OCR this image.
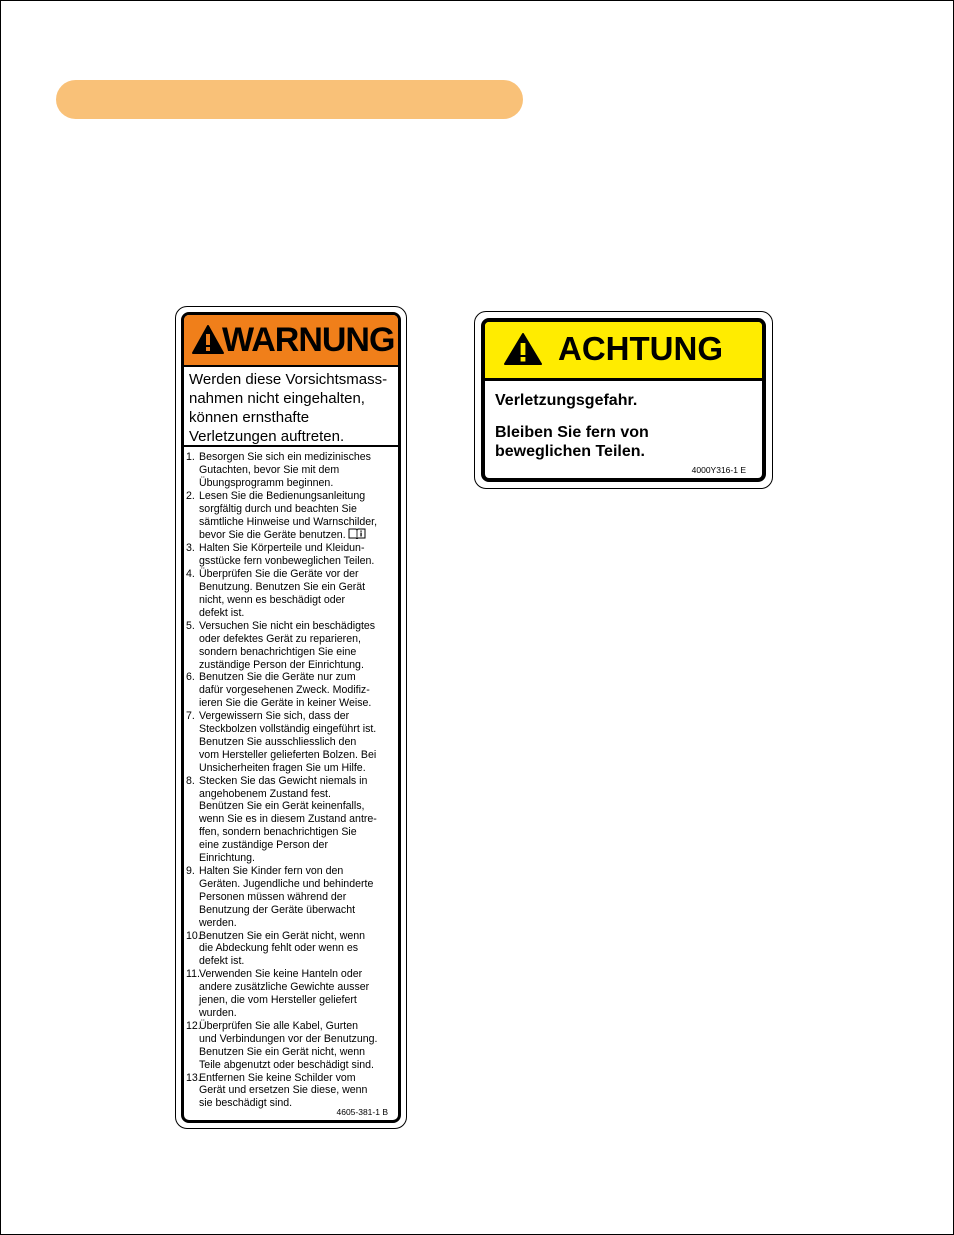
WARNUNG
Werden diese Vorsichtsmass-
nahmen nicht eingehalten,
können ernsthafte
Verletzungen auftreten.
1. Besorgen Sie sich ein medizinisches
Gutachten, bevor Sie mit dem
Übungsprogramm beginnen.
2. Lesen Sie die Bedienungsanleitung
sorgfältig durch und beachten Sie
sämtliche Hinweise und Warnschilder,
bevor Sie die Geräte benutzen.
3. Halten Sie Körperteile und Kleidun-
gsstücke fern vonbeweglichen Teilen.
4. Überprüfen Sie die Geräte vor der
Benutzung. Benutzen Sie ein Gerät
nicht, wenn es beschädigt oder
defekt ist.
5. Versuchen Sie nicht ein beschädigtes
oder defektes Gerät zu reparieren,
sondern benachrichtigen Sie eine
zuständige Person der Einrichtung.
6. Benutzen Sie die Geräte nur zum
dafür vorgesehenen Zweck. Modifiz-
ieren Sie die Geräte in keiner Weise.
7. Vergewissern Sie sich, dass der
Steckbolzen vollständig eingeführt ist.
Benutzen Sie ausschliesslich den
vom Hersteller gelieferten Bolzen. Bei
Unsicherheiten fragen Sie um Hilfe.
8. Stecken Sie das Gewicht niemals in
angehobenem Zustand fest.
Benützen Sie ein Gerät keinenfalls,
wenn Sie es in diesem Zustand antre-
ffen, sondern benachrichtigen Sie
eine zuständige Person der
Einrichtung.
9. Halten Sie Kinder fern von den
Geräten. Jugendliche und behinderte
Personen müssen während der
Benutzung der Geräte überwacht
werden.
10.
Benutzen Sie ein Gerät nicht, wenn
die Abdeckung fehlt oder wenn es
defekt ist.
11. Verwenden Sie keine Hanteln oder
andere zusätzliche Gewichte ausser
jenen, die vom Hersteller geliefert
wurden.
12.
Überprüfen Sie alle Kabel, Gurten
und Verbindungen vor der Benutzung.
Benutzen Sie ein Gerät nicht, wenn
Teile abgenutzt oder beschädigt sind.
13.
Entfernen Sie keine Schilder vom
Gerät und ersetzen Sie diese, wenn
sie beschädigt sind.
4605-381-1 B
ACHTUNG
Verletzungsgefahr.
Bleiben Sie fern von
beweglichen Teilen.
4000Y316-1 E
